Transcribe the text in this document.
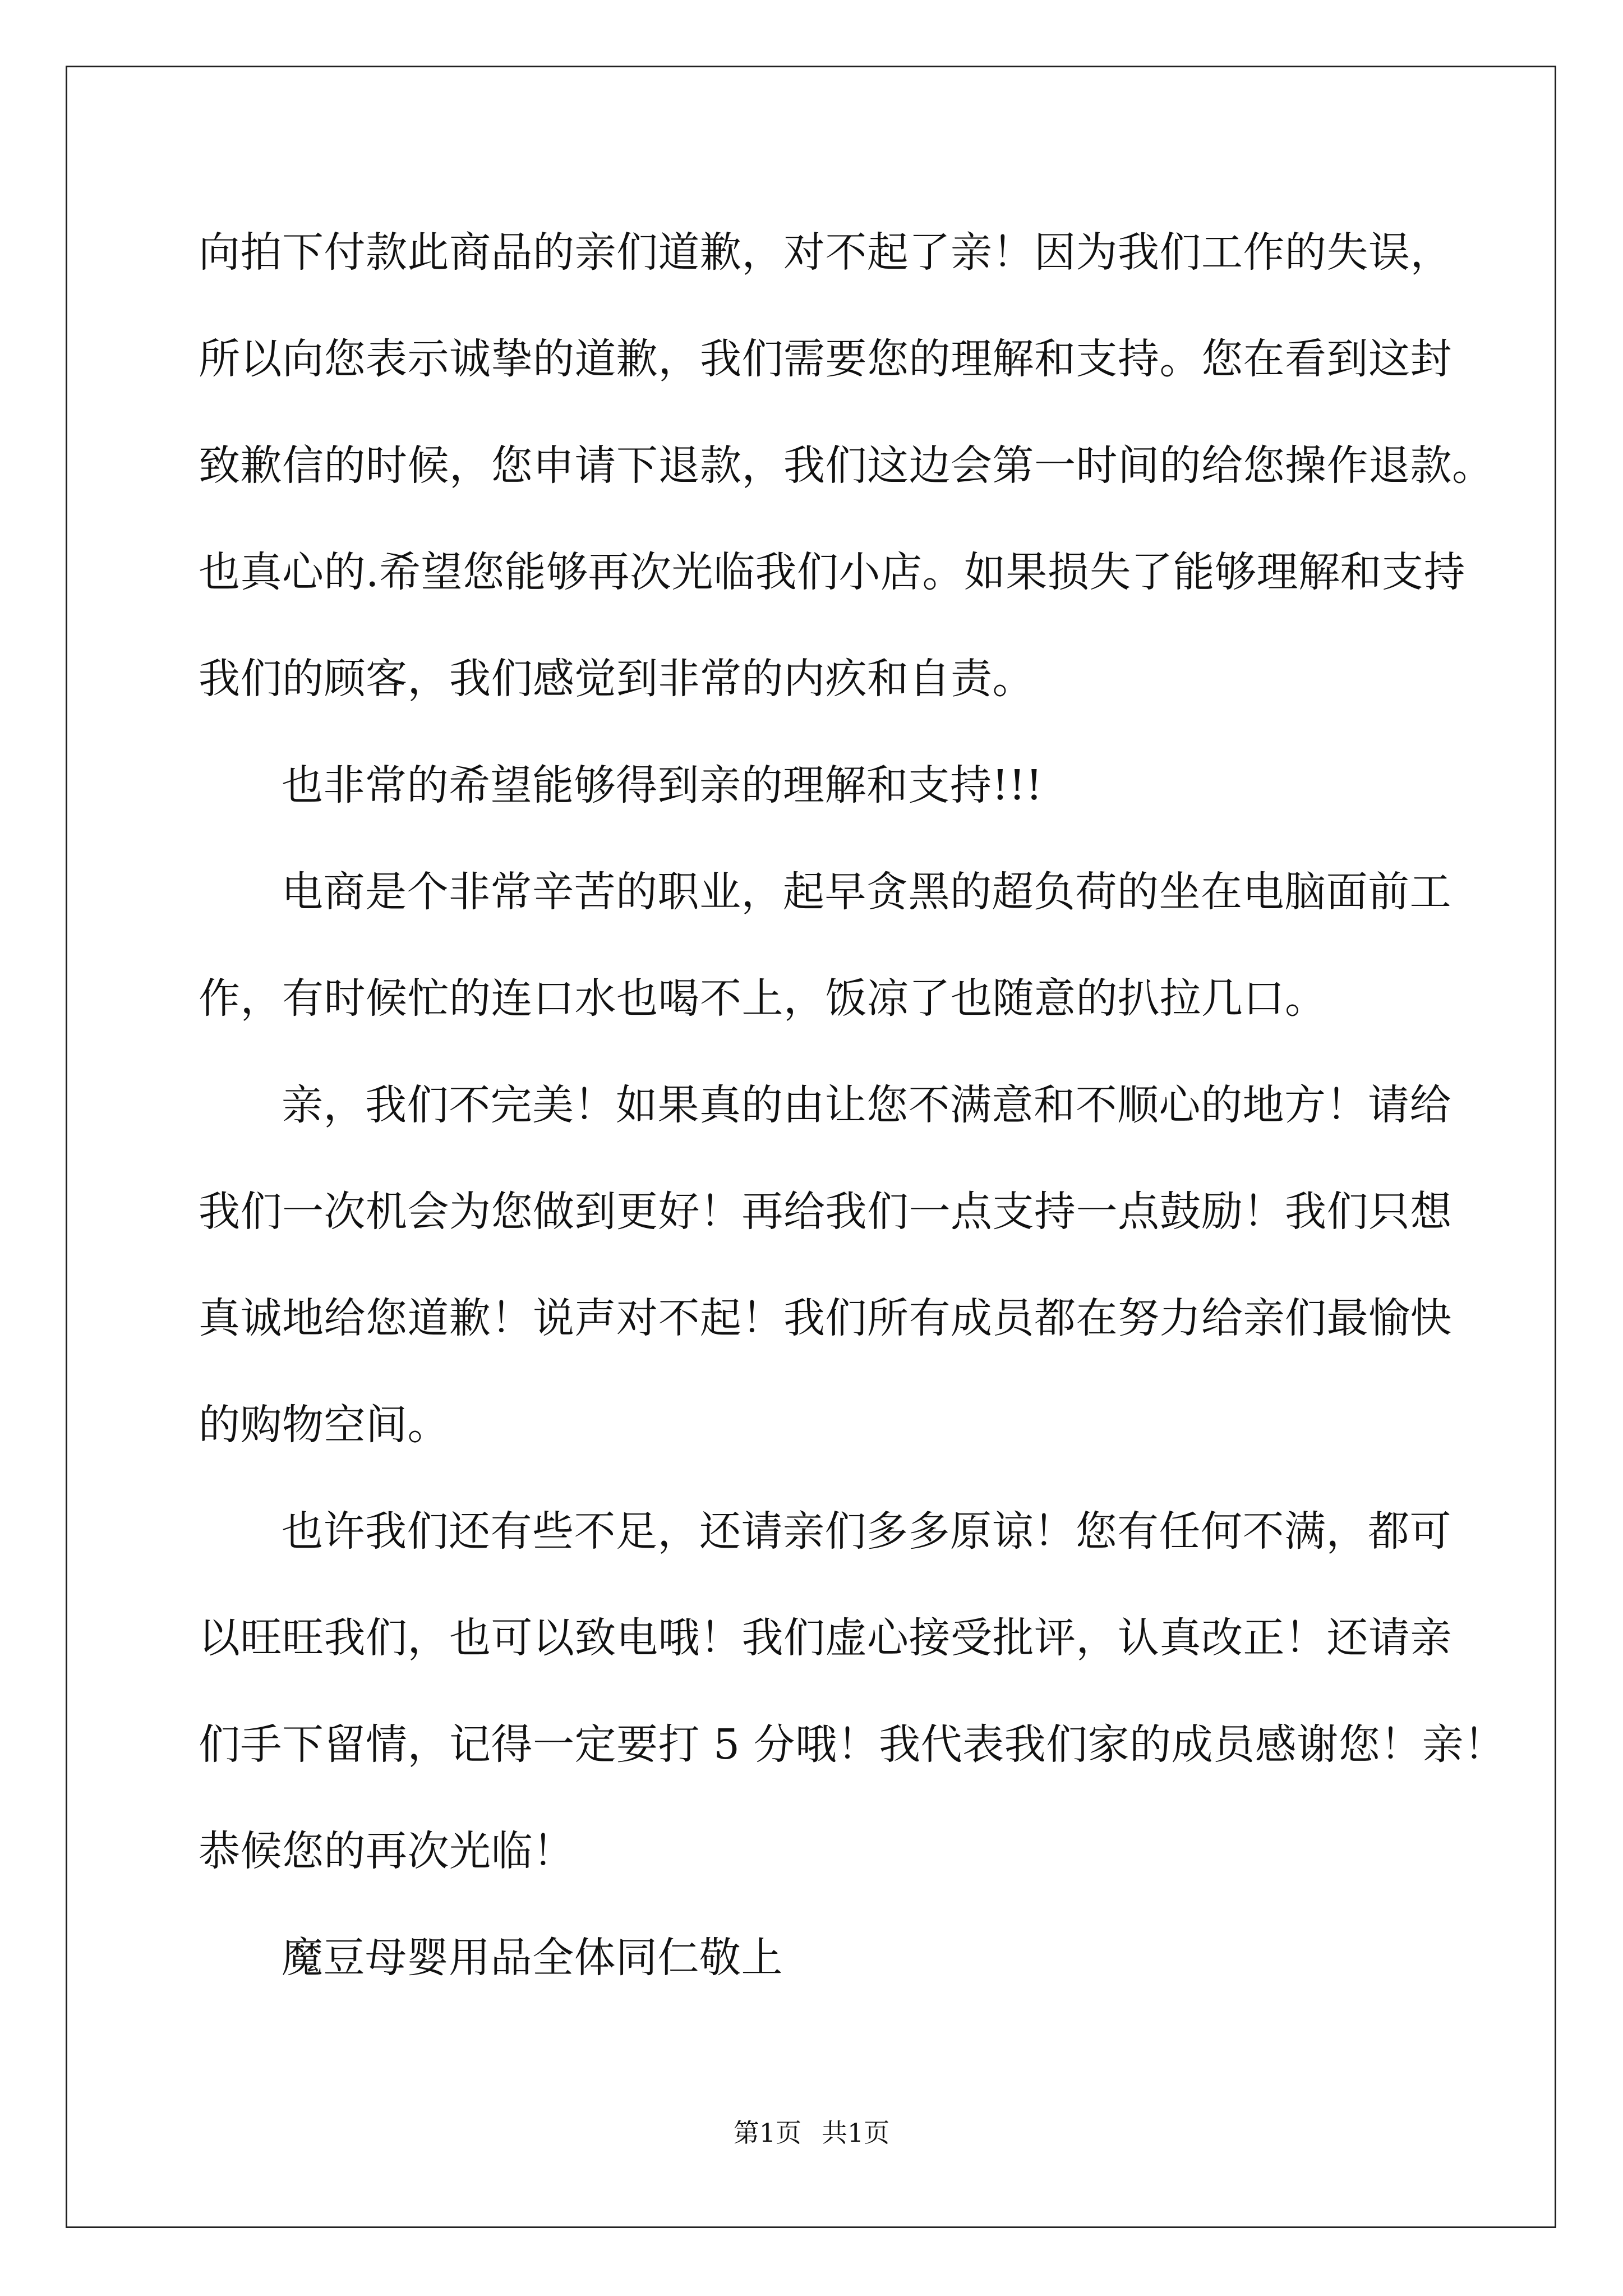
向拍下付款此商品的亲们道歉，对不起了亲！因为我们工作的失误，
所以向您表示诚挚的道歉，我们需要您的理解和支持。您在看到这封
致歉信的时候，您申请下退款，我们这边会第一时间的给您操作退款。
也真心的.希望您能够再次光临我们小店。如果损失了能够理解和支持
我们的顾客，我们感觉到非常的内疚和自责。

也非常的希望能够得到亲的理解和支持!!!

电商是个非常辛苦的职业，起早贪黑的超负荷的坐在电脑面前工
作，有时候忙的连口水也喝不上，饭凉了也随意的扒拉几口。

亲，我们不完美！如果真的由让您不满意和不顺心的地方！请给
我们一次机会为您做到更好！再给我们一点支持一点鼓励！我们只想
真诚地给您道歉！说声对不起！我们所有成员都在努力给亲们最愉快
的购物空间。

也许我们还有些不足，还请亲们多多原谅！您有任何不满，都可
以旺旺我们，也可以致电哦！我们虚心接受批评，认真改正！还请亲
们手下留情，记得一定要打 5 分哦！我代表我们家的成员感谢您！亲！
恭候您的再次光临！

魔豆母婴用品全体同仁敬上

第1页 共1页
